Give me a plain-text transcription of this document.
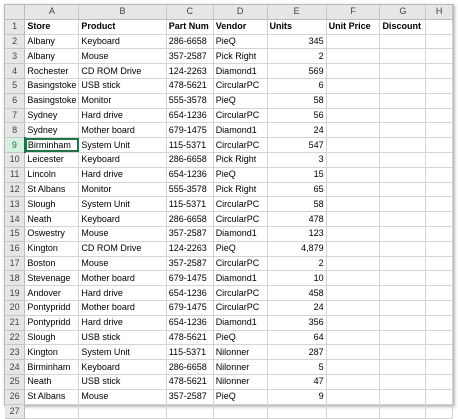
	A	B	C	D	E	F	G	H
1	Store	Product	Part Num	Vendor	Units	Unit Price	Discount	
2	Albany	Keyboard	286-6658	PieQ	345			
3	Albany	Mouse	357-2587	Pick Right	2			
4	Rochester	CD ROM Drive	124-2263	Diamond1	569			
5	Basingstoke	USB stick	478-5621	CircularPC	6			
6	Basingstoke	Monitor	555-3578	PieQ	58			
7	Sydney	Hard drive	654-1236	CircularPC	56			
8	Sydney	Mother board	679-1475	Diamond1	24			
9	Birminham	System Unit	115-5371	CircularPC	547			
10	Leicester	Keyboard	286-6658	Pick Right	3			
11	Lincoln	Hard drive	654-1236	PieQ	15			
12	St Albans	Monitor	555-3578	Pick Right	65			
13	Slough	System Unit	115-5371	CircularPC	58			
14	Neath	Keyboard	286-6658	CircularPC	478			
15	Oswestry	Mouse	357-2587	Diamond1	123			
16	Kington	CD ROM Drive	124-2263	PieQ	4,879			
17	Boston	Mouse	357-2587	CircularPC	2			
18	Stevenage	Mother board	679-1475	Diamond1	10			
19	Andover	Hard drive	654-1236	CircularPC	458			
20	Pontypridd	Mother board	679-1475	CircularPC	24			
21	Pontypridd	Hard drive	654-1236	Diamond1	356			
22	Slough	USB stick	478-5621	PieQ	64			
23	Kington	System Unit	115-5371	Nilonner	287			
24	Birminham	Keyboard	286-6658	Nilonner	5			
25	Neath	USB stick	478-5621	Nilonner	47			
26	St Albans	Mouse	357-2587	PieQ	9			
27								
